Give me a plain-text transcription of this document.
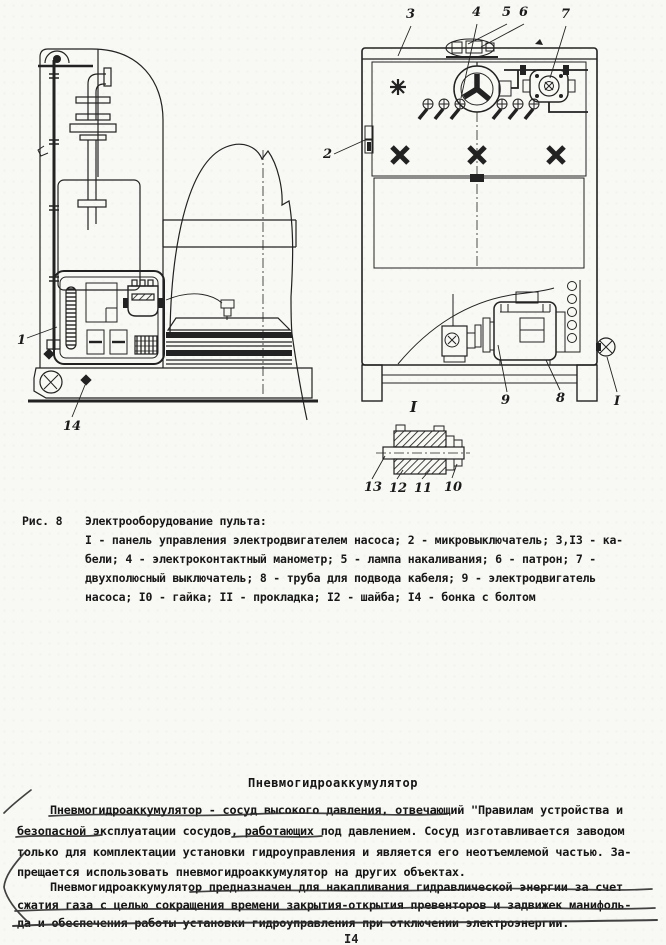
1
14
3	4 5 6	7
2
9	8	I
I
13 12 11 10
Рис. 8 Электрооборудование пульта:
I - панель управления электродвигателем насоса; 2 - микровыключатель; 3,I3 - ка-
бели; 4 - электроконтактный манометр; 5 - лампа накаливания; 6 - патрон; 7 -
двухполюсный выключатель; 8 - труба для подвода кабеля; 9 - электродвигатель
насоса; I0 - гайка; II - прокладка; I2 - шайба; I4 - бонка с болтом
Пневмогидроаккумулятор
Пневмогидроаккумулятор - сосуд высокого давления, отвечающий "Правилам устройства и
безопасной эксплуатации сосудов, работающих под давлением. Сосуд изготавливается заводом
только для комплектации установки гидроуправления и является его неотъемлемой частью. За-
прещается использовать пневмогидроаккумулятор на других объектах.
Пневмогидроаккумулятор предназначен для накапливания гидравлической энергии за счет
сжатия газа с целью сокращения времени закрытия-открытия превенторов и задвижек манифоль-
да и обеспечения работы установки гидроуправления при отключении электроэнергии.
I4
